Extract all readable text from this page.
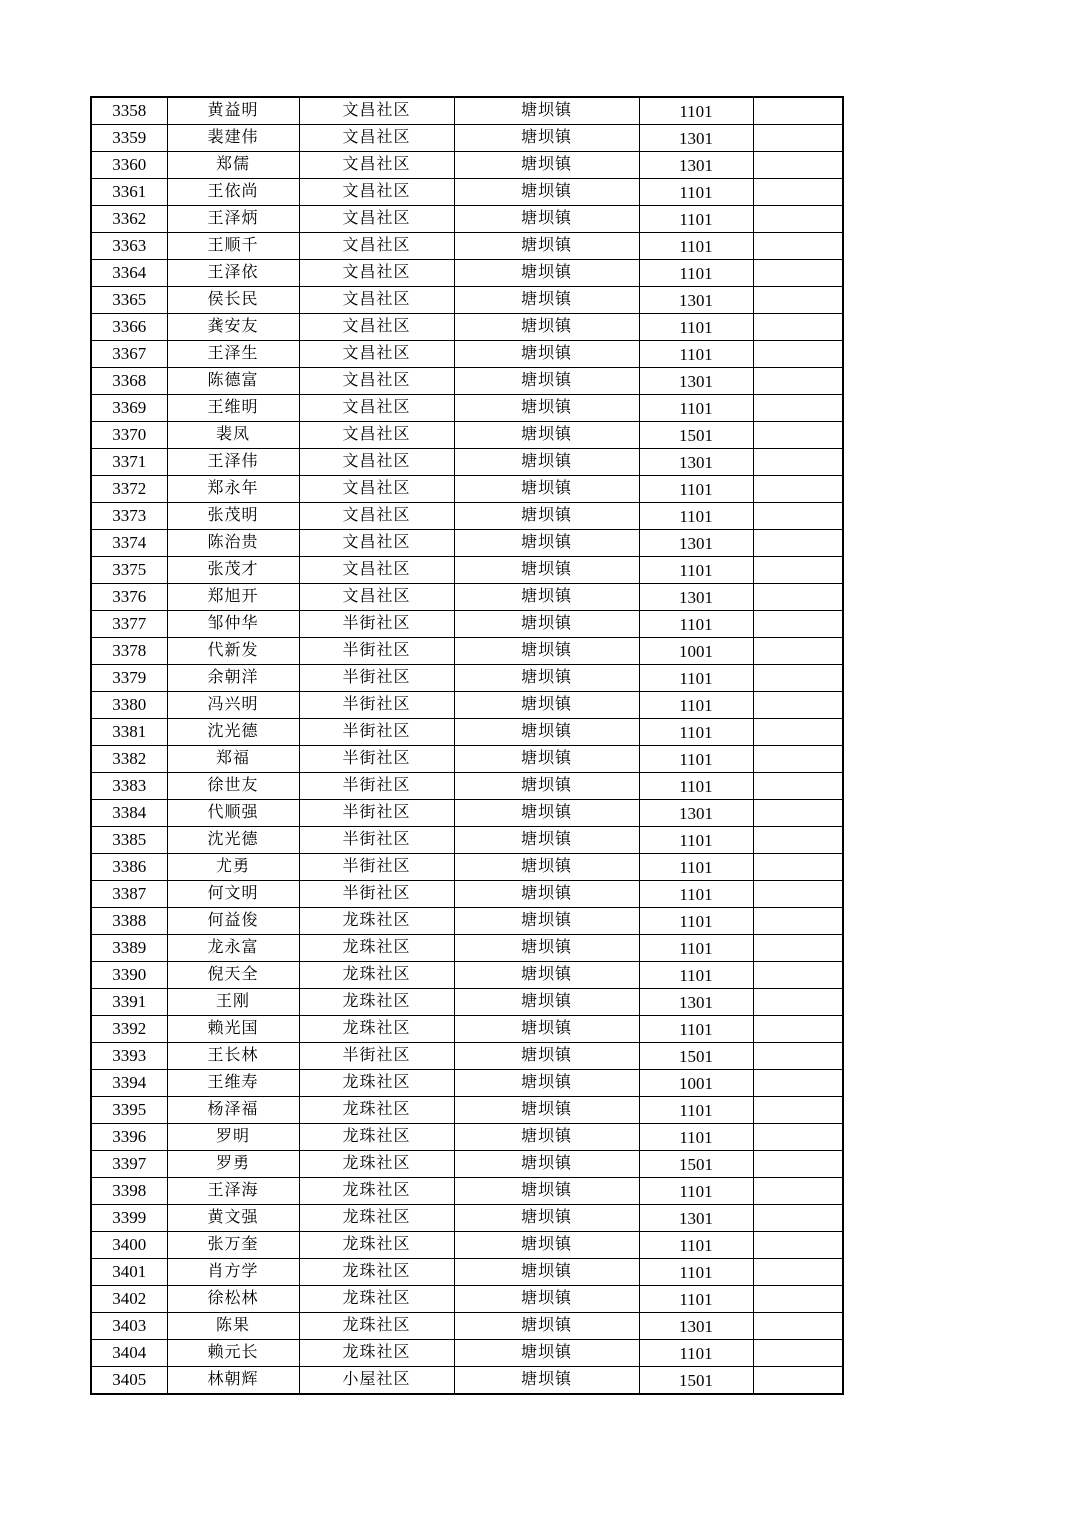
3358	黄益明	文昌社区	塘坝镇	1101	
3359	裴建伟	文昌社区	塘坝镇	1301	
3360	郑儒	文昌社区	塘坝镇	1301	
3361	王依尚	文昌社区	塘坝镇	1101	
3362	王泽炳	文昌社区	塘坝镇	1101	
3363	王顺千	文昌社区	塘坝镇	1101	
3364	王泽依	文昌社区	塘坝镇	1101	
3365	侯长民	文昌社区	塘坝镇	1301	
3366	龚安友	文昌社区	塘坝镇	1101	
3367	王泽生	文昌社区	塘坝镇	1101	
3368	陈德富	文昌社区	塘坝镇	1301	
3369	王维明	文昌社区	塘坝镇	1101	
3370	裴凤	文昌社区	塘坝镇	1501	
3371	王泽伟	文昌社区	塘坝镇	1301	
3372	郑永年	文昌社区	塘坝镇	1101	
3373	张茂明	文昌社区	塘坝镇	1101	
3374	陈治贵	文昌社区	塘坝镇	1301	
3375	张茂才	文昌社区	塘坝镇	1101	
3376	郑旭开	文昌社区	塘坝镇	1301	
3377	邹仲华	半街社区	塘坝镇	1101	
3378	代新发	半街社区	塘坝镇	1001	
3379	余朝洋	半街社区	塘坝镇	1101	
3380	冯兴明	半街社区	塘坝镇	1101	
3381	沈光德	半街社区	塘坝镇	1101	
3382	郑福	半街社区	塘坝镇	1101	
3383	徐世友	半街社区	塘坝镇	1101	
3384	代顺强	半街社区	塘坝镇	1301	
3385	沈光德	半街社区	塘坝镇	1101	
3386	尤勇	半街社区	塘坝镇	1101	
3387	何文明	半街社区	塘坝镇	1101	
3388	何益俊	龙珠社区	塘坝镇	1101	
3389	龙永富	龙珠社区	塘坝镇	1101	
3390	倪天全	龙珠社区	塘坝镇	1101	
3391	王刚	龙珠社区	塘坝镇	1301	
3392	赖光国	龙珠社区	塘坝镇	1101	
3393	王长林	半街社区	塘坝镇	1501	
3394	王维寿	龙珠社区	塘坝镇	1001	
3395	杨泽福	龙珠社区	塘坝镇	1101	
3396	罗明	龙珠社区	塘坝镇	1101	
3397	罗勇	龙珠社区	塘坝镇	1501	
3398	王泽海	龙珠社区	塘坝镇	1101	
3399	黄文强	龙珠社区	塘坝镇	1301	
3400	张万奎	龙珠社区	塘坝镇	1101	
3401	肖方学	龙珠社区	塘坝镇	1101	
3402	徐松林	龙珠社区	塘坝镇	1101	
3403	陈果	龙珠社区	塘坝镇	1301	
3404	赖元长	龙珠社区	塘坝镇	1101	
3405	林朝辉	小屋社区	塘坝镇	1501	
